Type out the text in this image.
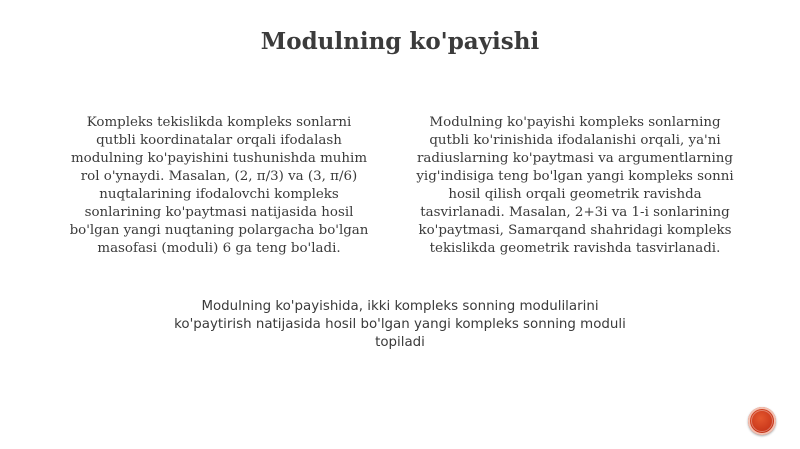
Modulning ko'payishi
Kompleks tekislikda kompleks sonlarni
qutbli koordinatalar orqali ifodalash
modulning ko'payishini tushunishda muhim
rol o'ynaydi. Masalan, (2, π/3) va (3, π/6)
nuqtalarining ifodalovchi kompleks
sonlarining ko'paytmasi natijasida hosil
bo'lgan yangi nuqtaning polargacha bo'lgan
masofasi (moduli) 6 ga teng bo'ladi.
Modulning ko'payishi kompleks sonlarning
qutbli ko'rinishida ifodalanishi orqali, ya'ni
radiuslarning ko'paytmasi va argumentlarning
yig'indisiga teng bo'lgan yangi kompleks sonni
hosil qilish orqali geometrik ravishda
tasvirlanadi. Masalan, 2+3i va 1-i sonlarining
ko'paytmasi, Samarqand shahridagi kompleks
tekislikda geometrik ravishda tasvirlanadi.
Modulning ko'payishida, ikki kompleks sonning modulilarini
ko'paytirish natijasida hosil bo'lgan yangi kompleks sonning moduli
topiladi
